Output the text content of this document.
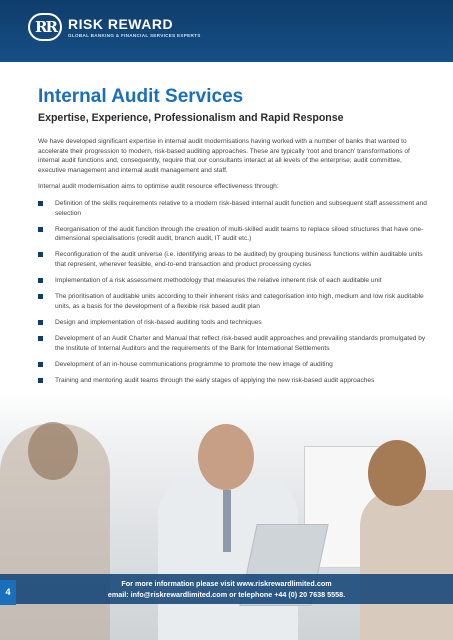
RR RISK REWARD
GLOBAL BANKING & FINANCIAL SERVICES EXPERTS
Internal Audit Services
Expertise, Experience, Professionalism and Rapid Response

We have developed significant expertise in internal audit modernisations having worked with a number of banks that wanted to accelerate their progression to modern, risk-based auditing approaches. These are typically 'root and branch' transformations of internal audit functions and, consequently, require that our consultants interact at all levels of the enterprise; audit committee, executive management and internal audit management and staff.

Internal audit modernisation aims to optimise audit resource effectiveness through:

Definition of the skills requirements relative to a modern risk-based internal audit function and subsequent staff assessment and selection
Reorganisation of the audit function through the creation of multi-skilled audit teams to replace siloed structures that have one-dimensional specialisations (credit audit, branch audit, IT audit etc.)
Reconfiguration of the audit universe (i.e. identifying areas to be audited) by grouping business functions within auditable units that represent, wherever feasible, end-to-end transaction and product processing cycles
Implementation of a risk assessment methodology that measures the relative inherent risk of each auditable unit
The prioritisation of auditable units according to their inherent risks and categorisation into high, medium and low risk auditable units, as a basis for the development of a flexible risk based audit plan
Design and implementation of risk-based auditing tools and techniques
Development of an Audit Charter and Manual that reflect risk-based audit approaches and prevailing standards promulgated by the Institute of Internal Auditors and the requirements of the Bank for International Settlements
Development of an in-house communications programme to promote the new image of auditing
Training and mentoring audit teams through the early stages of applying the new risk-based audit approaches
For more information please visit www.riskrewardlimited.com
email: info@riskrewardlimited.com or telephone +44 (0) 20 7638 5558.
4
